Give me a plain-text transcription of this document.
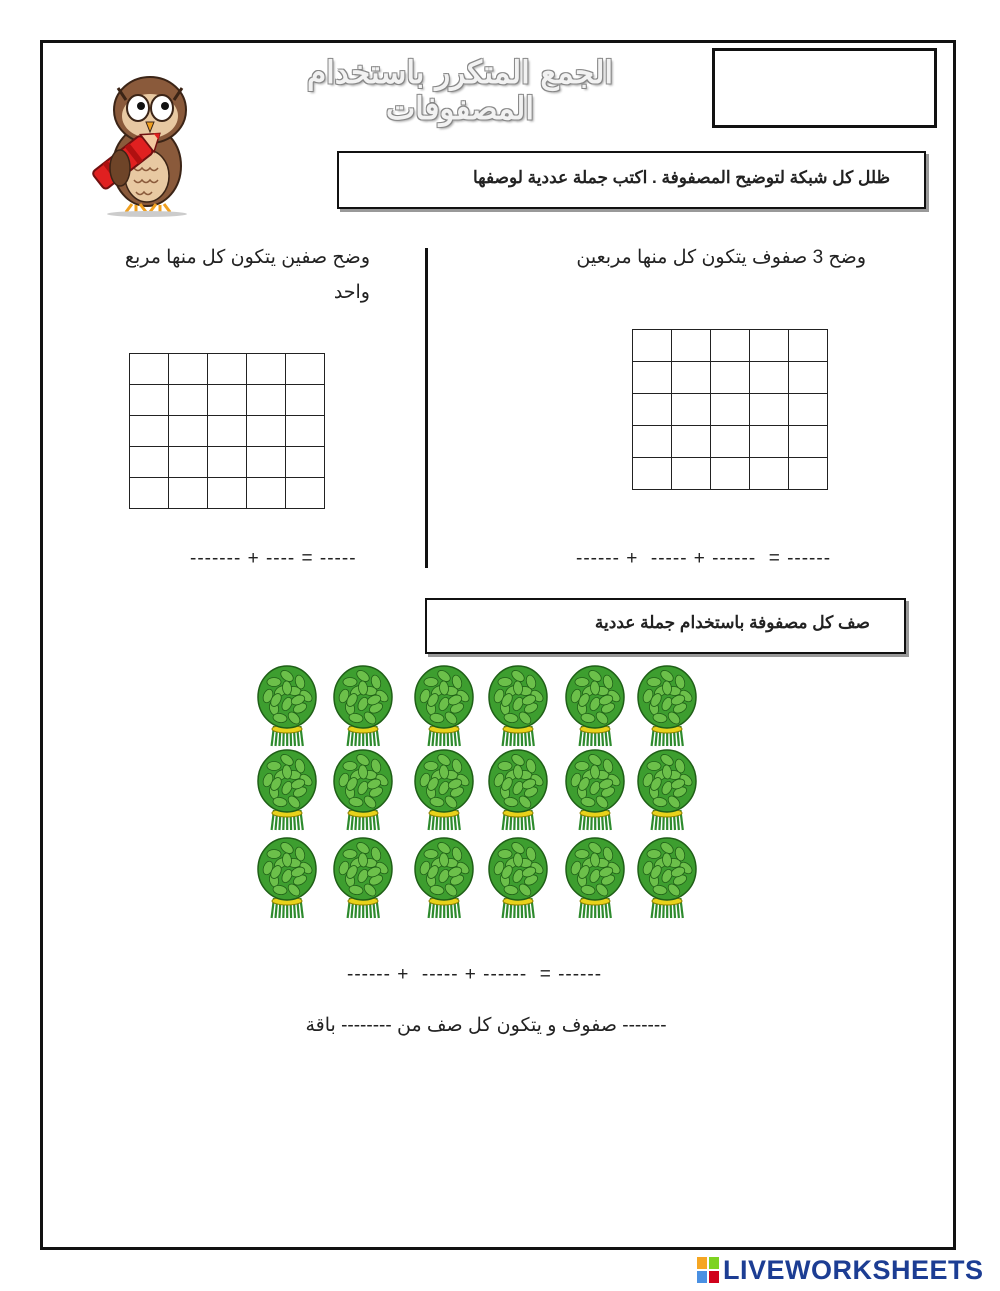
الجمع المتكرر باستخدام المصفوفات
ظلل كل شبكة لتوضيح المصفوفة . اكتب جملة عددية لوصفها
وضح 3 صفوف يتكون كل منها مربعين
وضح صفين يتكون كل منها مربع واحد

------ +  ----- + ------  = ------
------- + ---- = -----
صف كل مصفوفة باستخدام جملة عددية
------ +  ----- + ------  = ------
------- صفوف و يتكون كل صف من -------- باقة
LIVEWORKSHEETS
